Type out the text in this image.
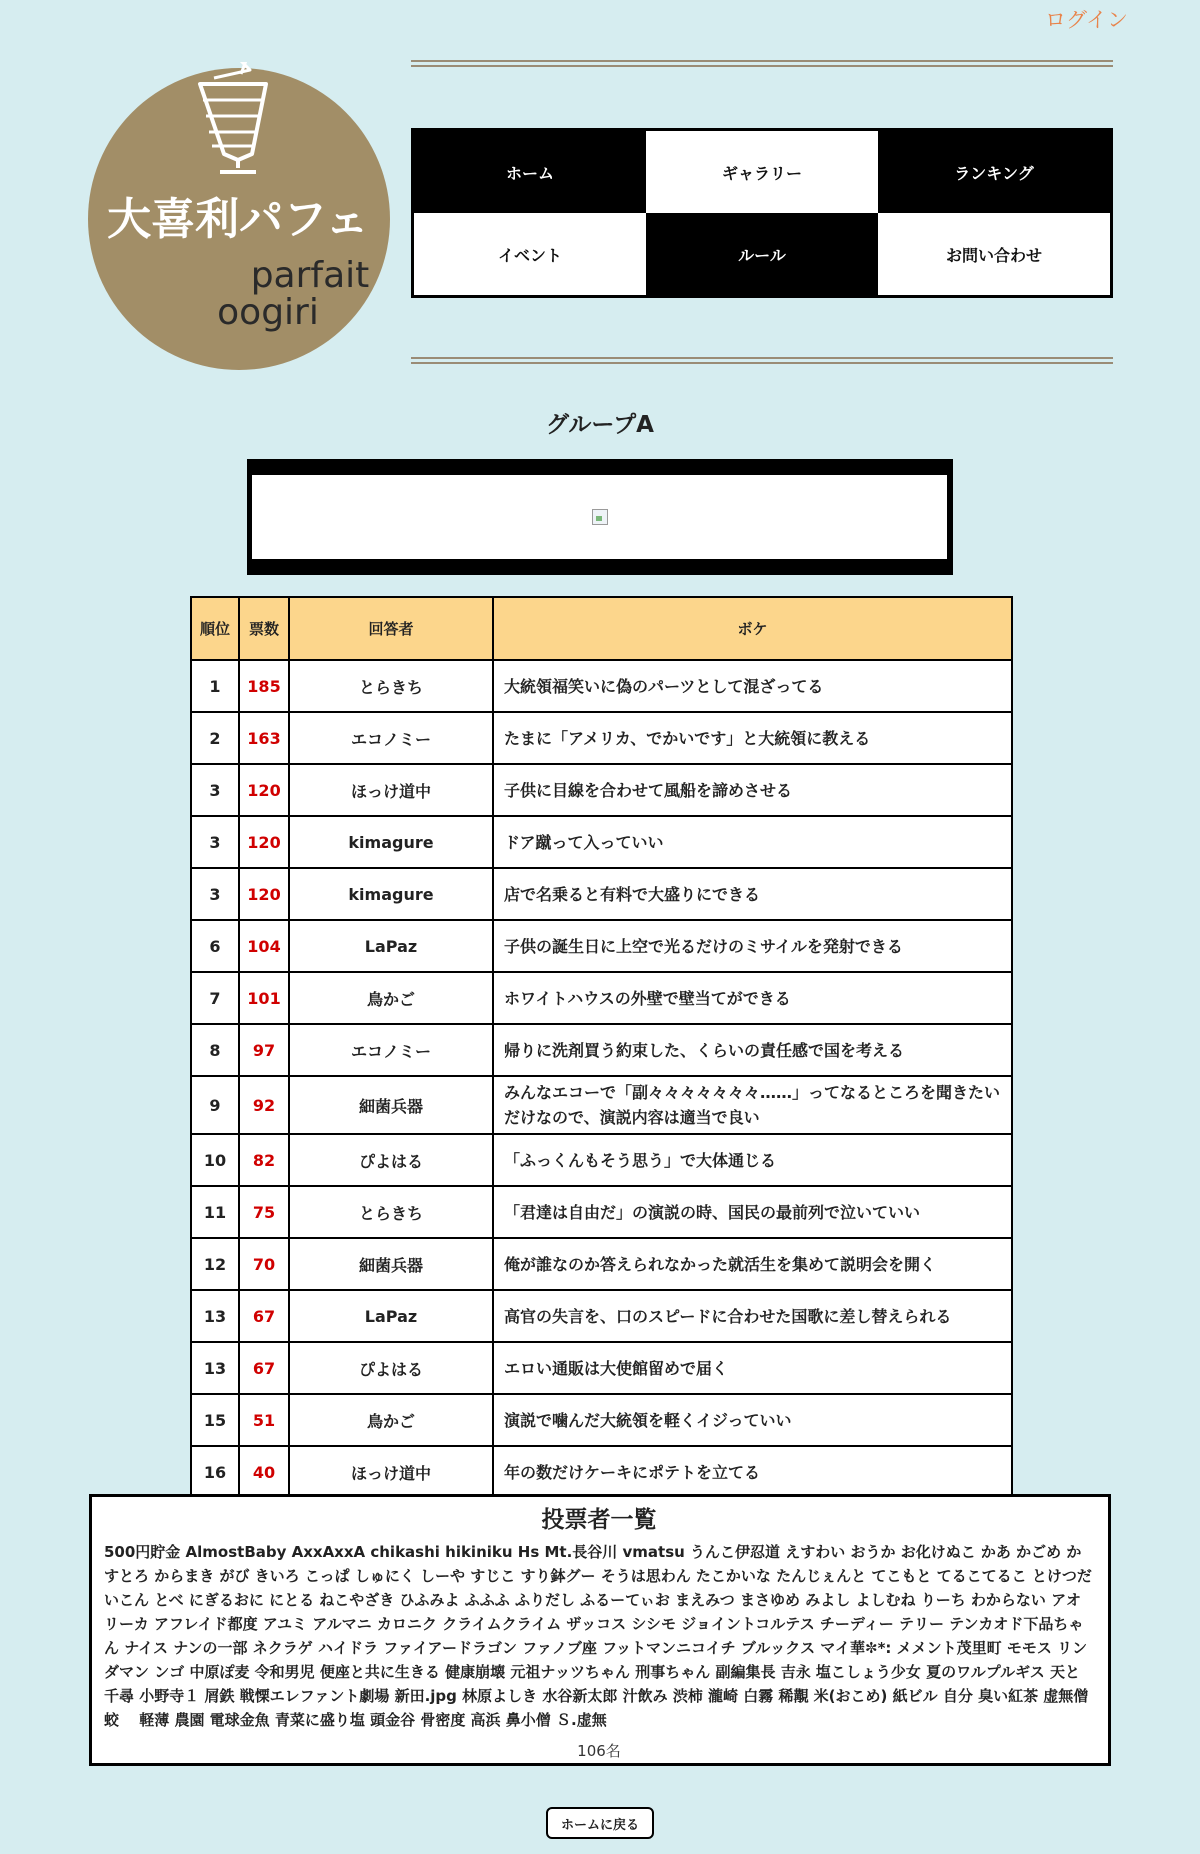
ログイン
大喜利パフェ
parfait
oogiri
ホーム	ギャラリー	ランキング
イベント	ルール	お問い合わせ
グループA
順位	票数	回答者	ボケ
1	185	とらきち	大統領福笑いに偽のパーツとして混ざってる
2	163	エコノミー	たまに「アメリカ、でかいです」と大統領に教える
3	120	ほっけ道中	子供に目線を合わせて風船を諦めさせる
3	120	kimagure	ドア蹴って入っていい
3	120	kimagure	店で名乗ると有料で大盛りにできる
6	104	LaPaz	子供の誕生日に上空で光るだけのミサイルを発射できる
7	101	鳥かご	ホワイトハウスの外壁で壁当てができる
8	97	エコノミー	帰りに洗剤買う約束した、くらいの責任感で国を考える
9	92	細菌兵器	みんなエコーで「副々々々々々々々……」ってなるところを聞きたいだけなので、演説内容は適当で良い
10	82	ぴよはる	「ふっくんもそう思う」で大体通じる
11	75	とらきち	「君達は自由だ」の演説の時、国民の最前列で泣いていい
12	70	細菌兵器	俺が誰なのか答えられなかった就活生を集めて説明会を開く
13	67	LaPaz	高官の失言を、口のスピードに合わせた国歌に差し替えられる
13	67	ぴよはる	エロい通販は大使館留めで届く
15	51	鳥かご	演説で噛んだ大統領を軽くイジっていい
16	40	ほっけ道中	年の数だけケーキにポテトを立てる
投票者一覧
500円貯金 AlmostBaby AxxAxxA chikashi hikiniku Hs Mt.長谷川 vmatsu うんこ伊忍道 えすわい おうか お化けぬこ かあ かごめ かすとろ からまき がび きいろ こっぱ しゅにく しーや すじこ すり鉢グー そうは思わん たこかいな たんじぇんと てこもと てるこてるこ とけつだいこん とべ にぎるおに にとる ねこやざき ひふみよ ふふふ ふりだし ふるーてぃお まえみつ まさゆめ みよし よしむね りーち わからない アオリーカ アフレイド都度 アユミ アルマニ カロニク クライムクライム ザッコス シシモ ジョイントコルテス チーディー テリー テンカオド下品ちゃん ナイス ナンの一部 ネクラゲ ハイドラ ファイアードラゴン ファノブ座 フットマンニコイチ ブルックス マイ華✼*: メメント茂里町 モモス リンダマン ンゴ 中原ぽ麦 令和男児 便座と共に生きる 健康崩壊 元祖ナッツちゃん 刑事ちゃん 副編集長 吉永 塩こしょう少女 夏のワルプルギス 天と千尋 小野寺１ 屑鉄 戦慄エレファント劇場 新田.jpg 林原よしき 水谷新太郎 汁飲み 渋柿 瀧崎 白霧 稀覯 米(おこめ) 紙ビル 自分 臭い紅茶 虚無僧 蛟　 軽薄 農園 電球金魚 青菜に盛り塩 頭金谷 骨密度 高浜 鼻小僧 Ｓ.虚無
106名
ホームに戻る
